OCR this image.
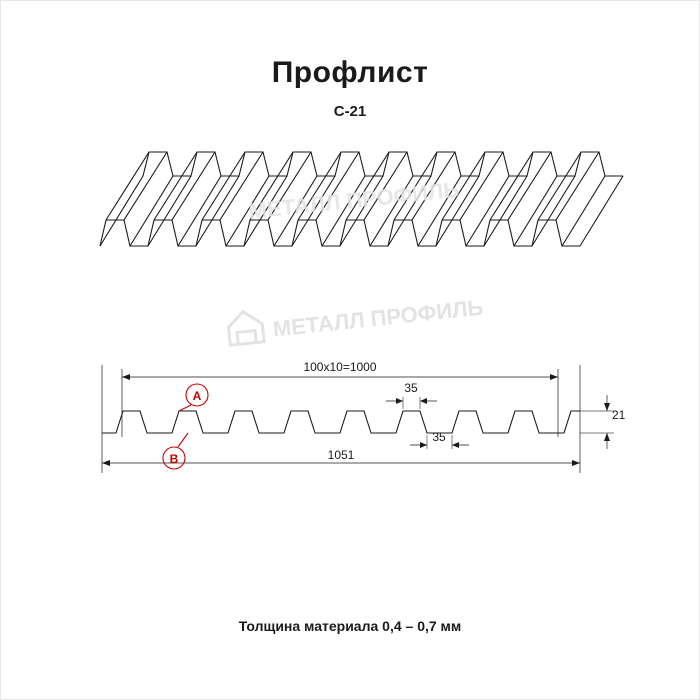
Профлист
С-21
МЕТАЛЛ ПРОФИЛЬ
МЕТАЛЛ ПРОФИЛЬ
100x10=1000
1051
21
35
35
A
B
Толщина материала 0,4 – 0,7 мм
